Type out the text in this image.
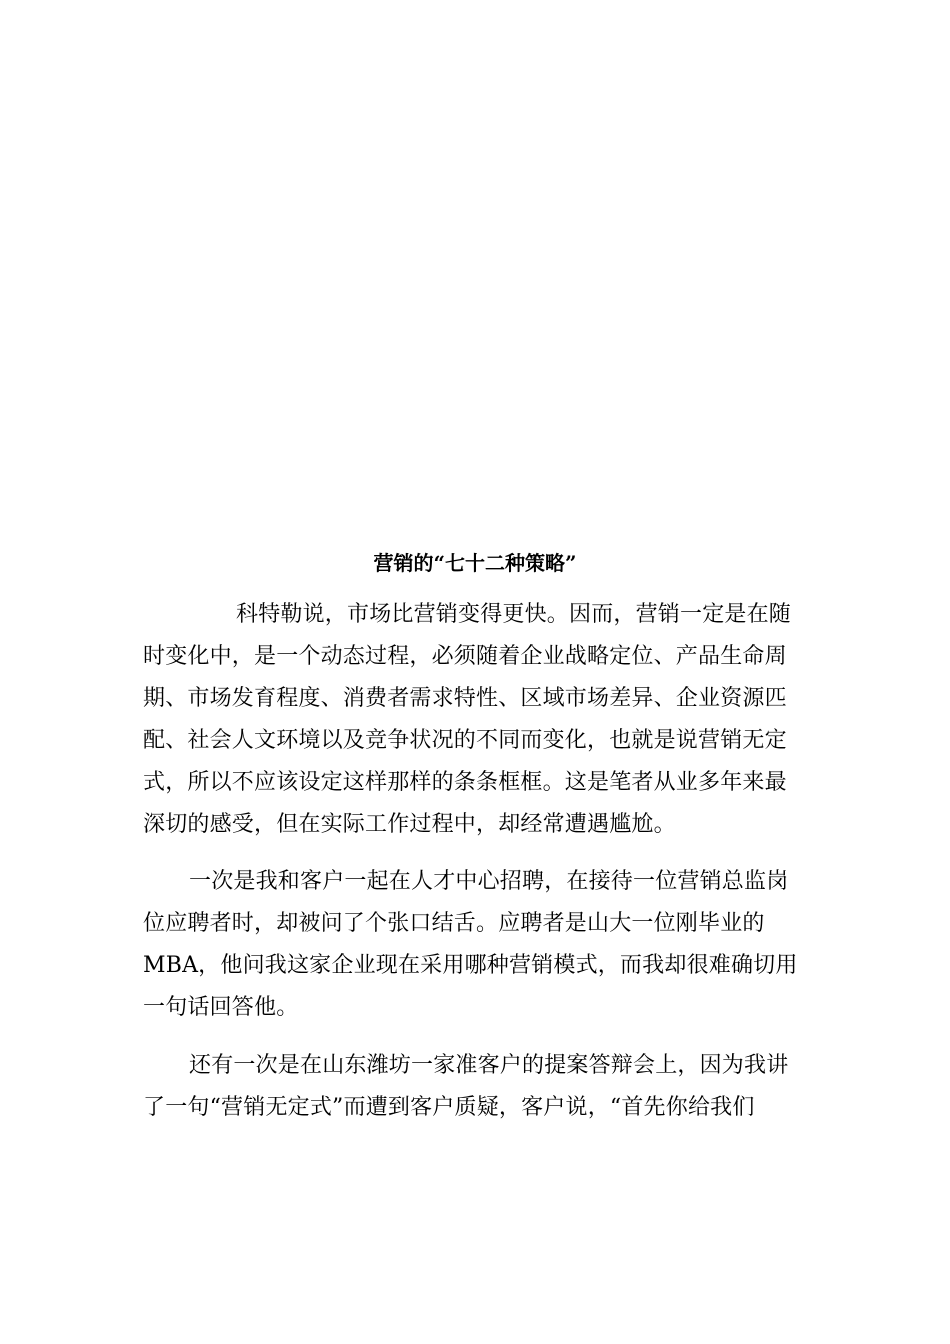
营销的“七十二种策略”

科特勒说，市场比营销变得更快。因而，营销一定是在随
时变化中，是一个动态过程，必须随着企业战略定位、产品生命周
期、市场发育程度、消费者需求特性、区域市场差异、企业资源匹
配、社会人文环境以及竞争状况的不同而变化，也就是说营销无定
式，所以不应该设定这样那样的条条框框。这是笔者从业多年来最
深切的感受，但在实际工作过程中，却经常遭遇尴尬。

一次是我和客户一起在人才中心招聘，在接待一位营销总监岗
位应聘者时，却被问了个张口结舌。应聘者是山大一位刚毕业的
MBA，他问我这家企业现在采用哪种营销模式，而我却很难确切用
一句话回答他。

还有一次是在山东潍坊一家准客户的提案答辩会上，因为我讲
了一句“营销无定式”而遭到客户质疑，客户说，“首先你给我们
